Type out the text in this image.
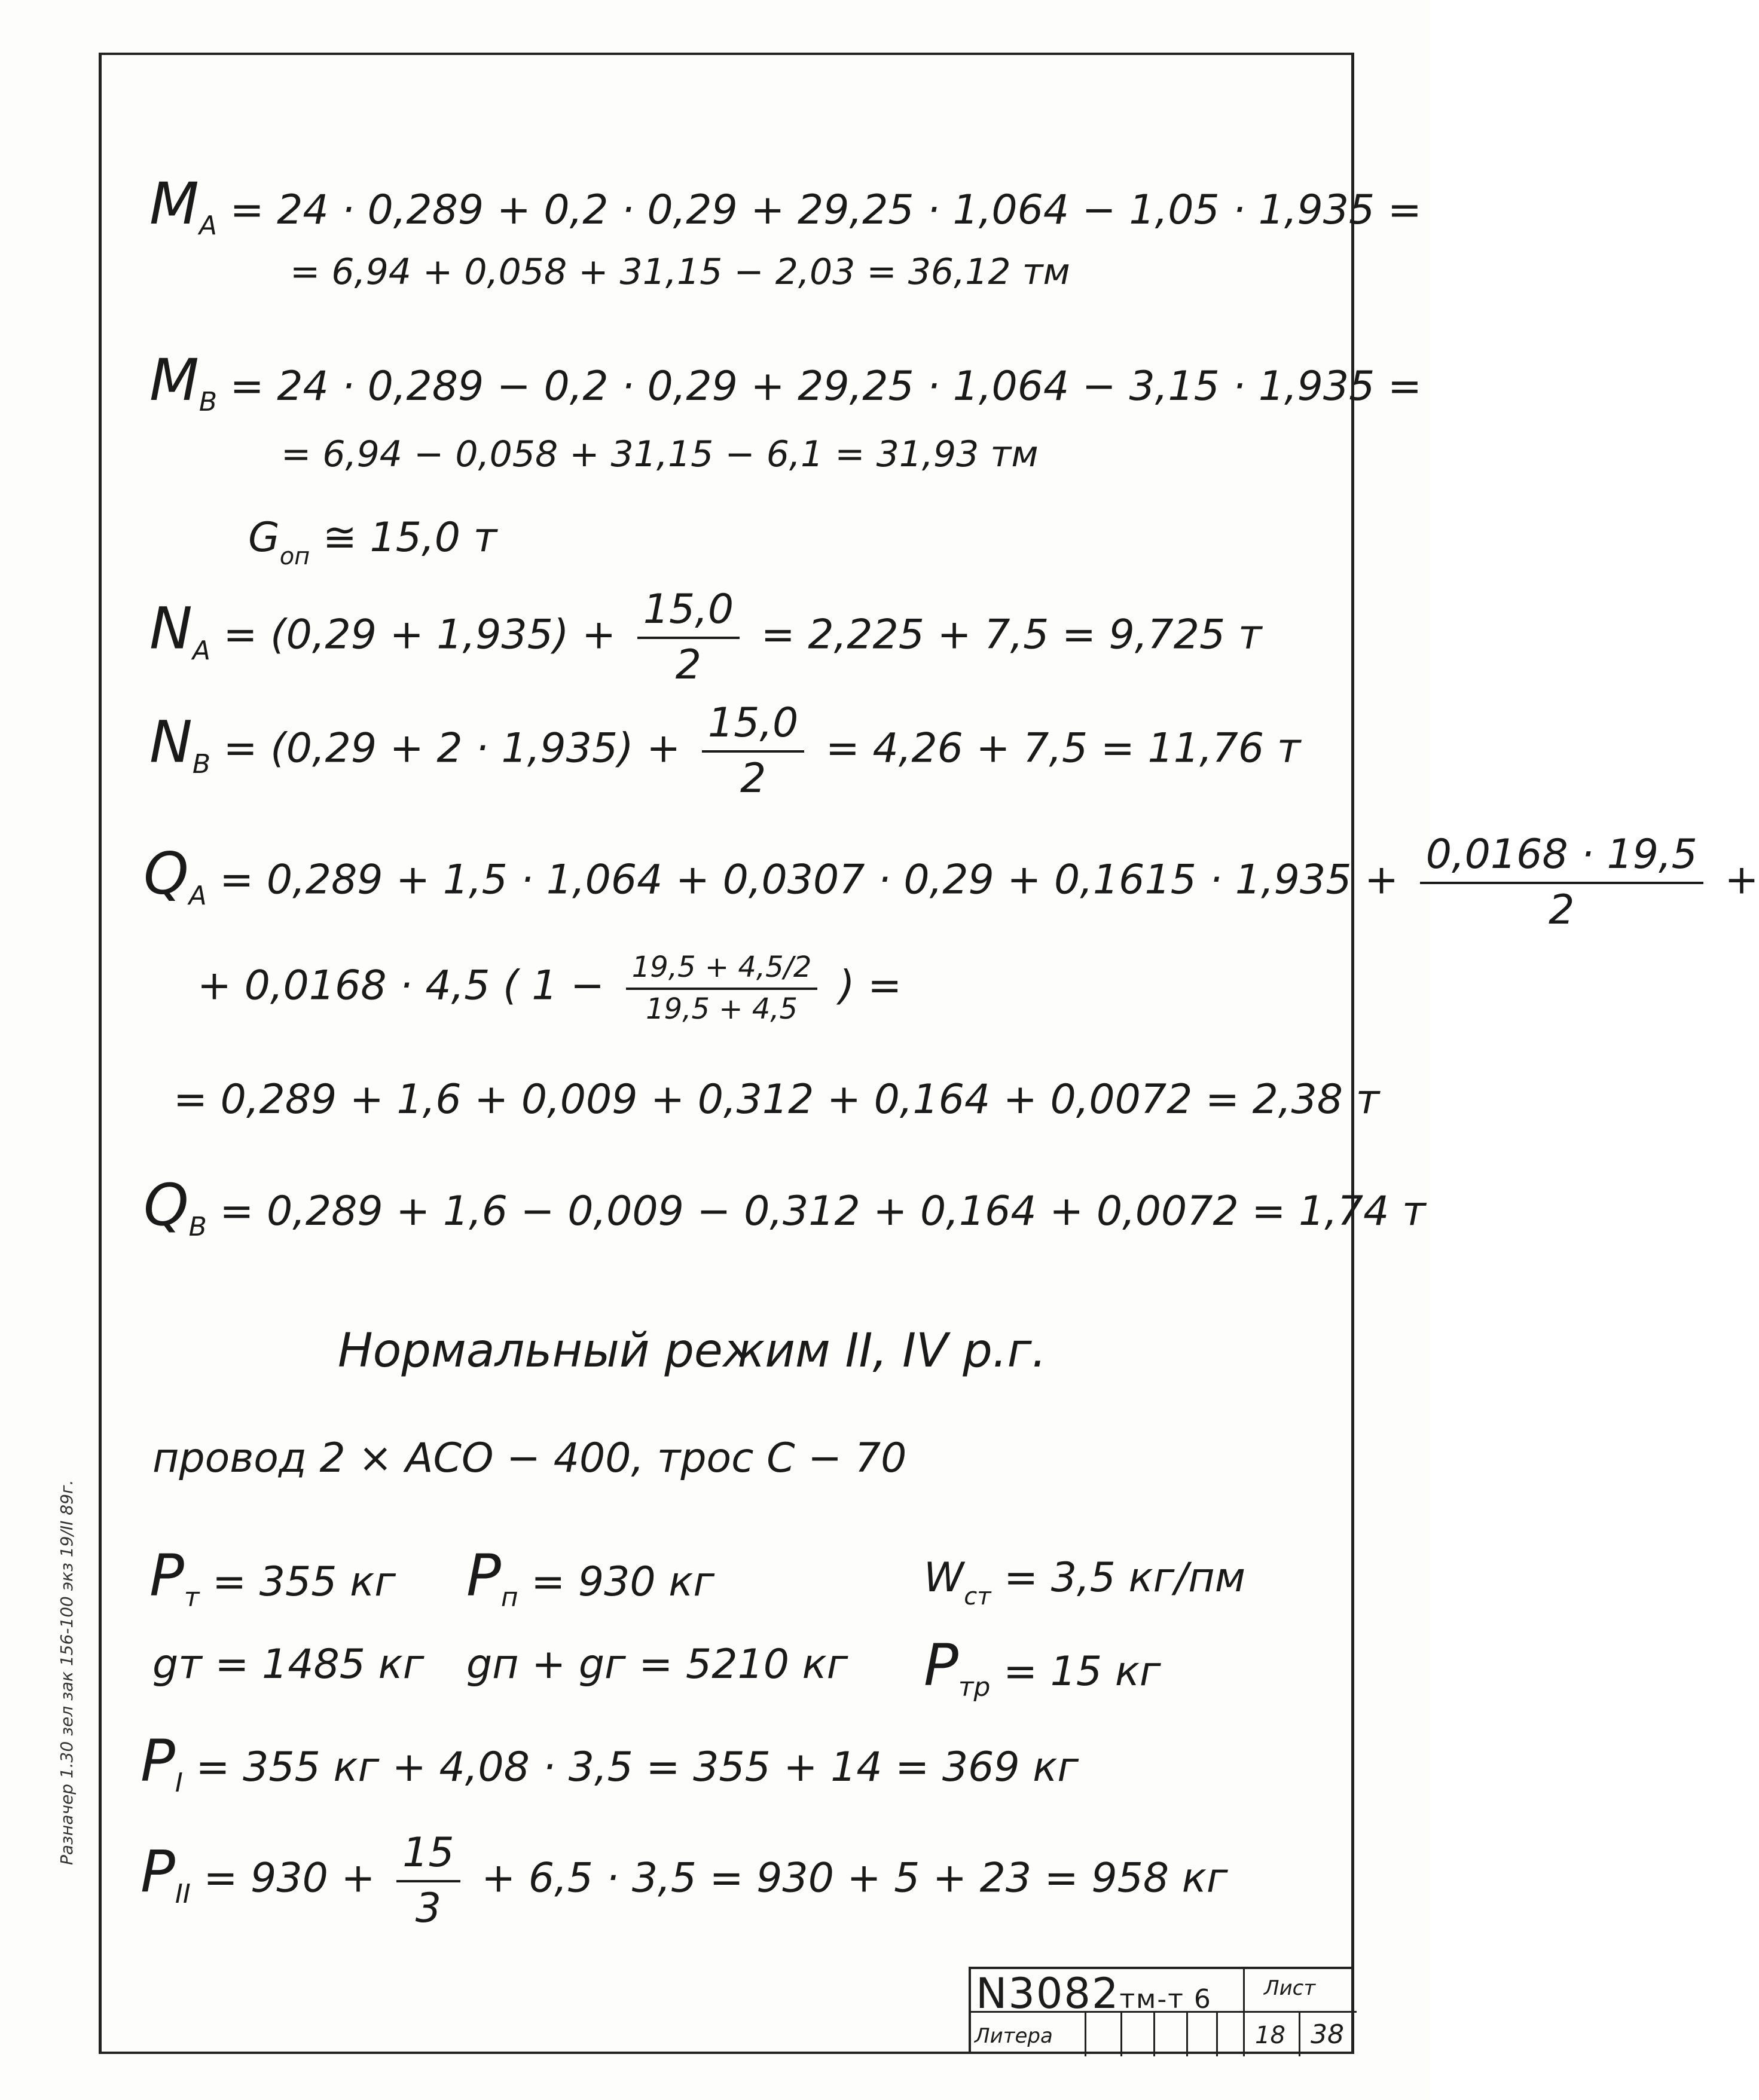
Разначер 1.30 зел зак 156-100 экз 19/II 89г.
$M_A = 24 \cdot 0,289 + 0,2 \cdot 0,29 + 29,25 \cdot 1,064 - 1,05 \cdot 1,935$ =
= 6,94 + 0,058 + 31,15 − 2,03 = 36,12 тм
$M_B = 24 \cdot 0,289 - 0,2 \cdot 0,29 + 29,25 \cdot 1,064 - 3,15 \cdot 1,935$ =
= 6,94 − 0,058 + 31,15 − 6,1 = 31,93 тм
$G_{оп}$ ≅ 15,0 т
$N_A = (0,29 + 1,935) + \frac{15,0}{2} = 2,225 + 7,5 = 9,725$ т
$N_B = (0,29 + 2 \cdot 1,935) + \frac{15,0}{2} = 4,26 + 7,5 = 11,76$ т
$Q_A = 0,289 + 1,5 \cdot 1,064 + 0,0307 \cdot 0,29 + 0,1615 \cdot 1,935 + \frac{0,0168 \cdot 19,5}{2}$ +
+ 0,0168 · 4,5 ( $1 - \frac{19,5 + 4,5/2}{19,5 + 4,5}$ ) =
= 0,289 + 1,6 + 0,009 + 0,312 + 0,164 + 0,0072 = 2,38 т
$Q_B = 0,289 + 1,6 - 0,009 - 0,312 + 0,164 + 0,0072 = 1,74$ т
Нормальный режим II, IV р.г.
провод 2 × АСО − 400, трос С − 70
$P_т = 355$ кг $P_п = 930$ кг	$W_{ст} = 3,5$ кг/пм
gт = 1485 кг gп + gг = 5210 кг $P_{тр} = 15$ кг
$P_I = 355$ кг + 4,08 · 3,5 = 355 + 14 = 369 кг
$P_{II} = 930 + \frac{15}{3} + 6,5 \cdot 3,5 = 930 + 5 + 23 = 958$ кг
N3082тм-т 6	Лист
Литера	18 38
